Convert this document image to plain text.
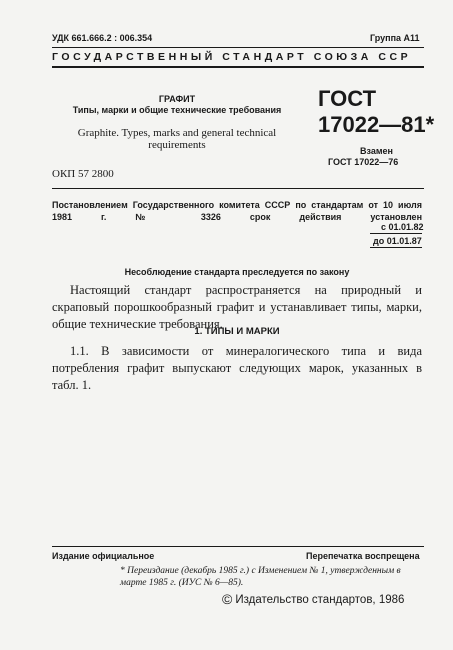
УДК 661.666.2 : 006.354	Группа А11
ГОСУДАРСТВЕННЫЙ СТАНДАРТ СОЮЗА ССР
ГРАФИТ
Типы, марки и общие технические требования
Graphite. Types, marks and general technical requirements
ОКП 57 2800
ГОСТ
17022—81*
Взамен
ГОСТ 17022—76
Постановлением Государственного комитета СССР по стандартам от 10 июля 1981 г. № 3326 срок действия установлен
с 01.01.82
до 01.01.87
Несоблюдение стандарта преследуется по закону
Настоящий стандарт распространяется на природный и скраповый порошкообразный графит и устанавливает типы, марки, общие технические требования.
1. ТИПЫ И МАРКИ
1.1. В зависимости от минералогического типа и вида потребления графит выпускают следующих марок, указанных в табл. 1.
Издание официальное	Перепечатка воспрещена
* Переиздание (декабрь 1985 г.) с Изменением № 1, утвержденным в марте 1985 г. (ИУС № 6—85).
© Издательство стандартов, 1986
